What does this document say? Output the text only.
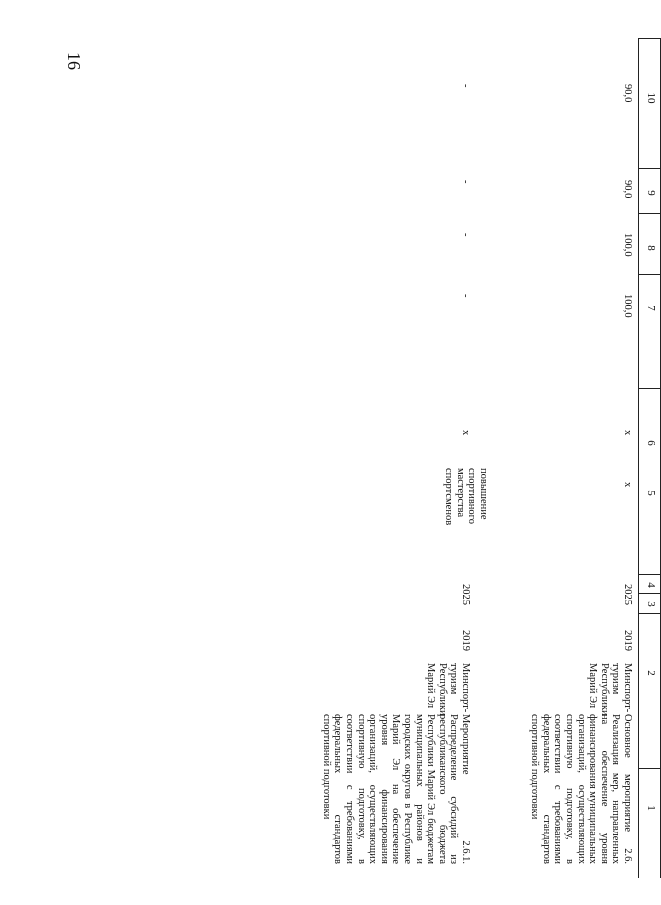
16
10
9
8
7
6
5
4
3
2
1
90,0
90,0
100,0
100,0
x
x
2025
2019
Минспорт-туризм Республики Марий Эл
Основное мероприятие 2.6. Реализация мер, направленных на обеспечение уровня финансирования муниципальных организаций, осуществляющих спортивную подготовку, в соответствии с требованиями федеральных стандартов спортивной подготовки
-
-
-
-
x
повышение спортивного мастерства спортсменов
2025
2019
Минспорт-туризм Республики Марий Эл
Мероприятие 2.6.1. Распределение субсидий из республиканского бюджета Республики Марий Эл бюджетам муниципальных районов и городских округов в Республике Марий Эл на обеспечение уровня финансирования организаций, осуществляющих спортивную подготовку, в соответствии с требованиями федеральных стандартов спортивной подготовки
